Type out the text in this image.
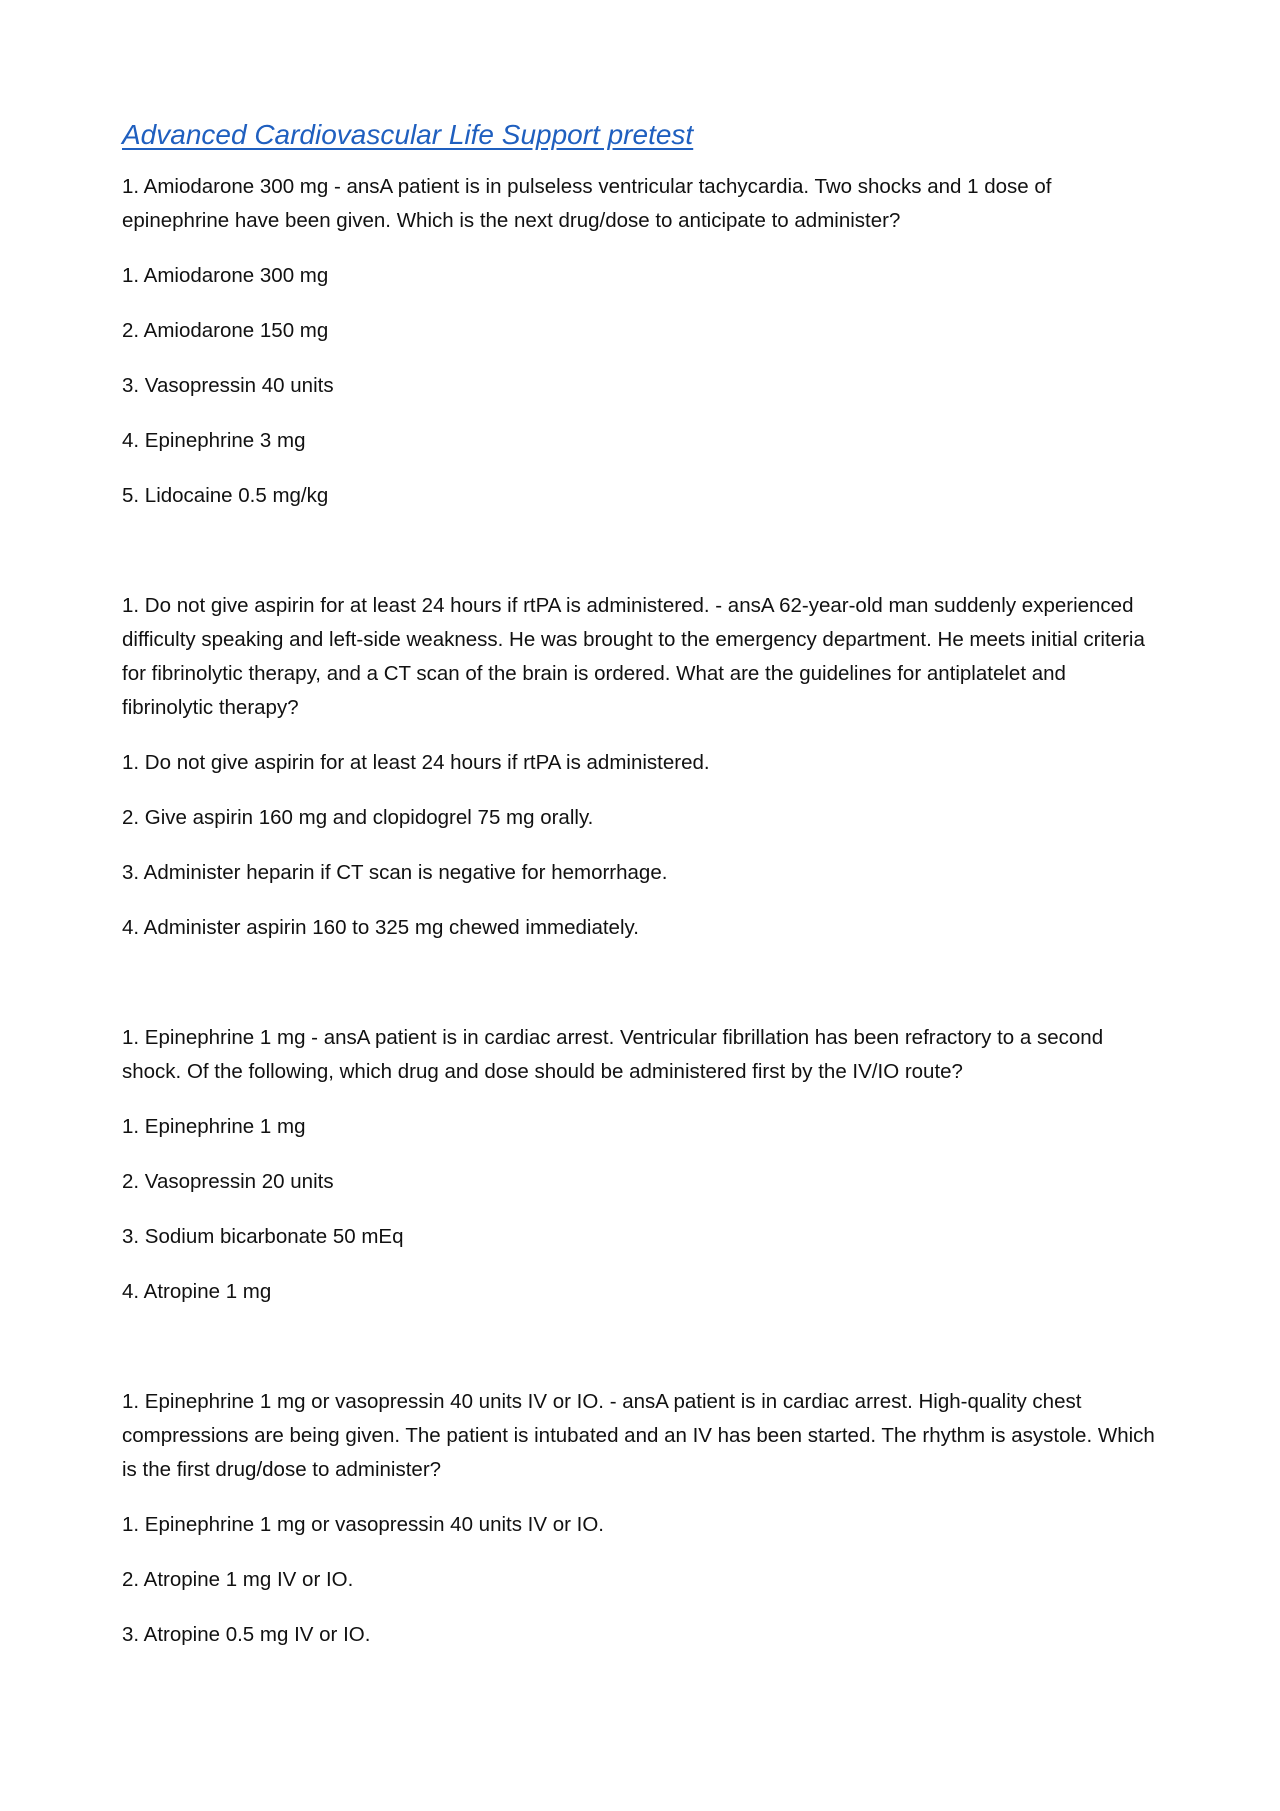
Advanced Cardiovascular Life Support pretest

1. Amiodarone 300 mg - ansA patient is in pulseless ventricular tachycardia. Two shocks and 1 dose of epinephrine have been given. Which is the next drug/dose to anticipate to administer?

1. Amiodarone 300 mg

2. Amiodarone 150 mg

3. Vasopressin 40 units

4. Epinephrine 3 mg

5. Lidocaine 0.5 mg/kg

1. Do not give aspirin for at least 24 hours if rtPA is administered. - ansA 62-year-old man suddenly experienced difficulty speaking and left-side weakness. He was brought to the emergency department. He meets initial criteria for fibrinolytic therapy, and a CT scan of the brain is ordered. What are the guidelines for antiplatelet and fibrinolytic therapy?

1. Do not give aspirin for at least 24 hours if rtPA is administered.

2. Give aspirin 160 mg and clopidogrel 75 mg orally.

3. Administer heparin if CT scan is negative for hemorrhage.

4. Administer aspirin 160 to 325 mg chewed immediately.

1. Epinephrine 1 mg - ansA patient is in cardiac arrest. Ventricular fibrillation has been refractory to a second shock. Of the following, which drug and dose should be administered first by the IV/IO route?

1. Epinephrine 1 mg

2. Vasopressin 20 units

3. Sodium bicarbonate 50 mEq

4. Atropine 1 mg

1. Epinephrine 1 mg or vasopressin 40 units IV or IO. - ansA patient is in cardiac arrest. High-quality chest compressions are being given. The patient is intubated and an IV has been started. The rhythm is asystole. Which is the first drug/dose to administer?

1. Epinephrine 1 mg or vasopressin 40 units IV or IO.

2. Atropine 1 mg IV or IO.

3. Atropine 0.5 mg IV or IO.
